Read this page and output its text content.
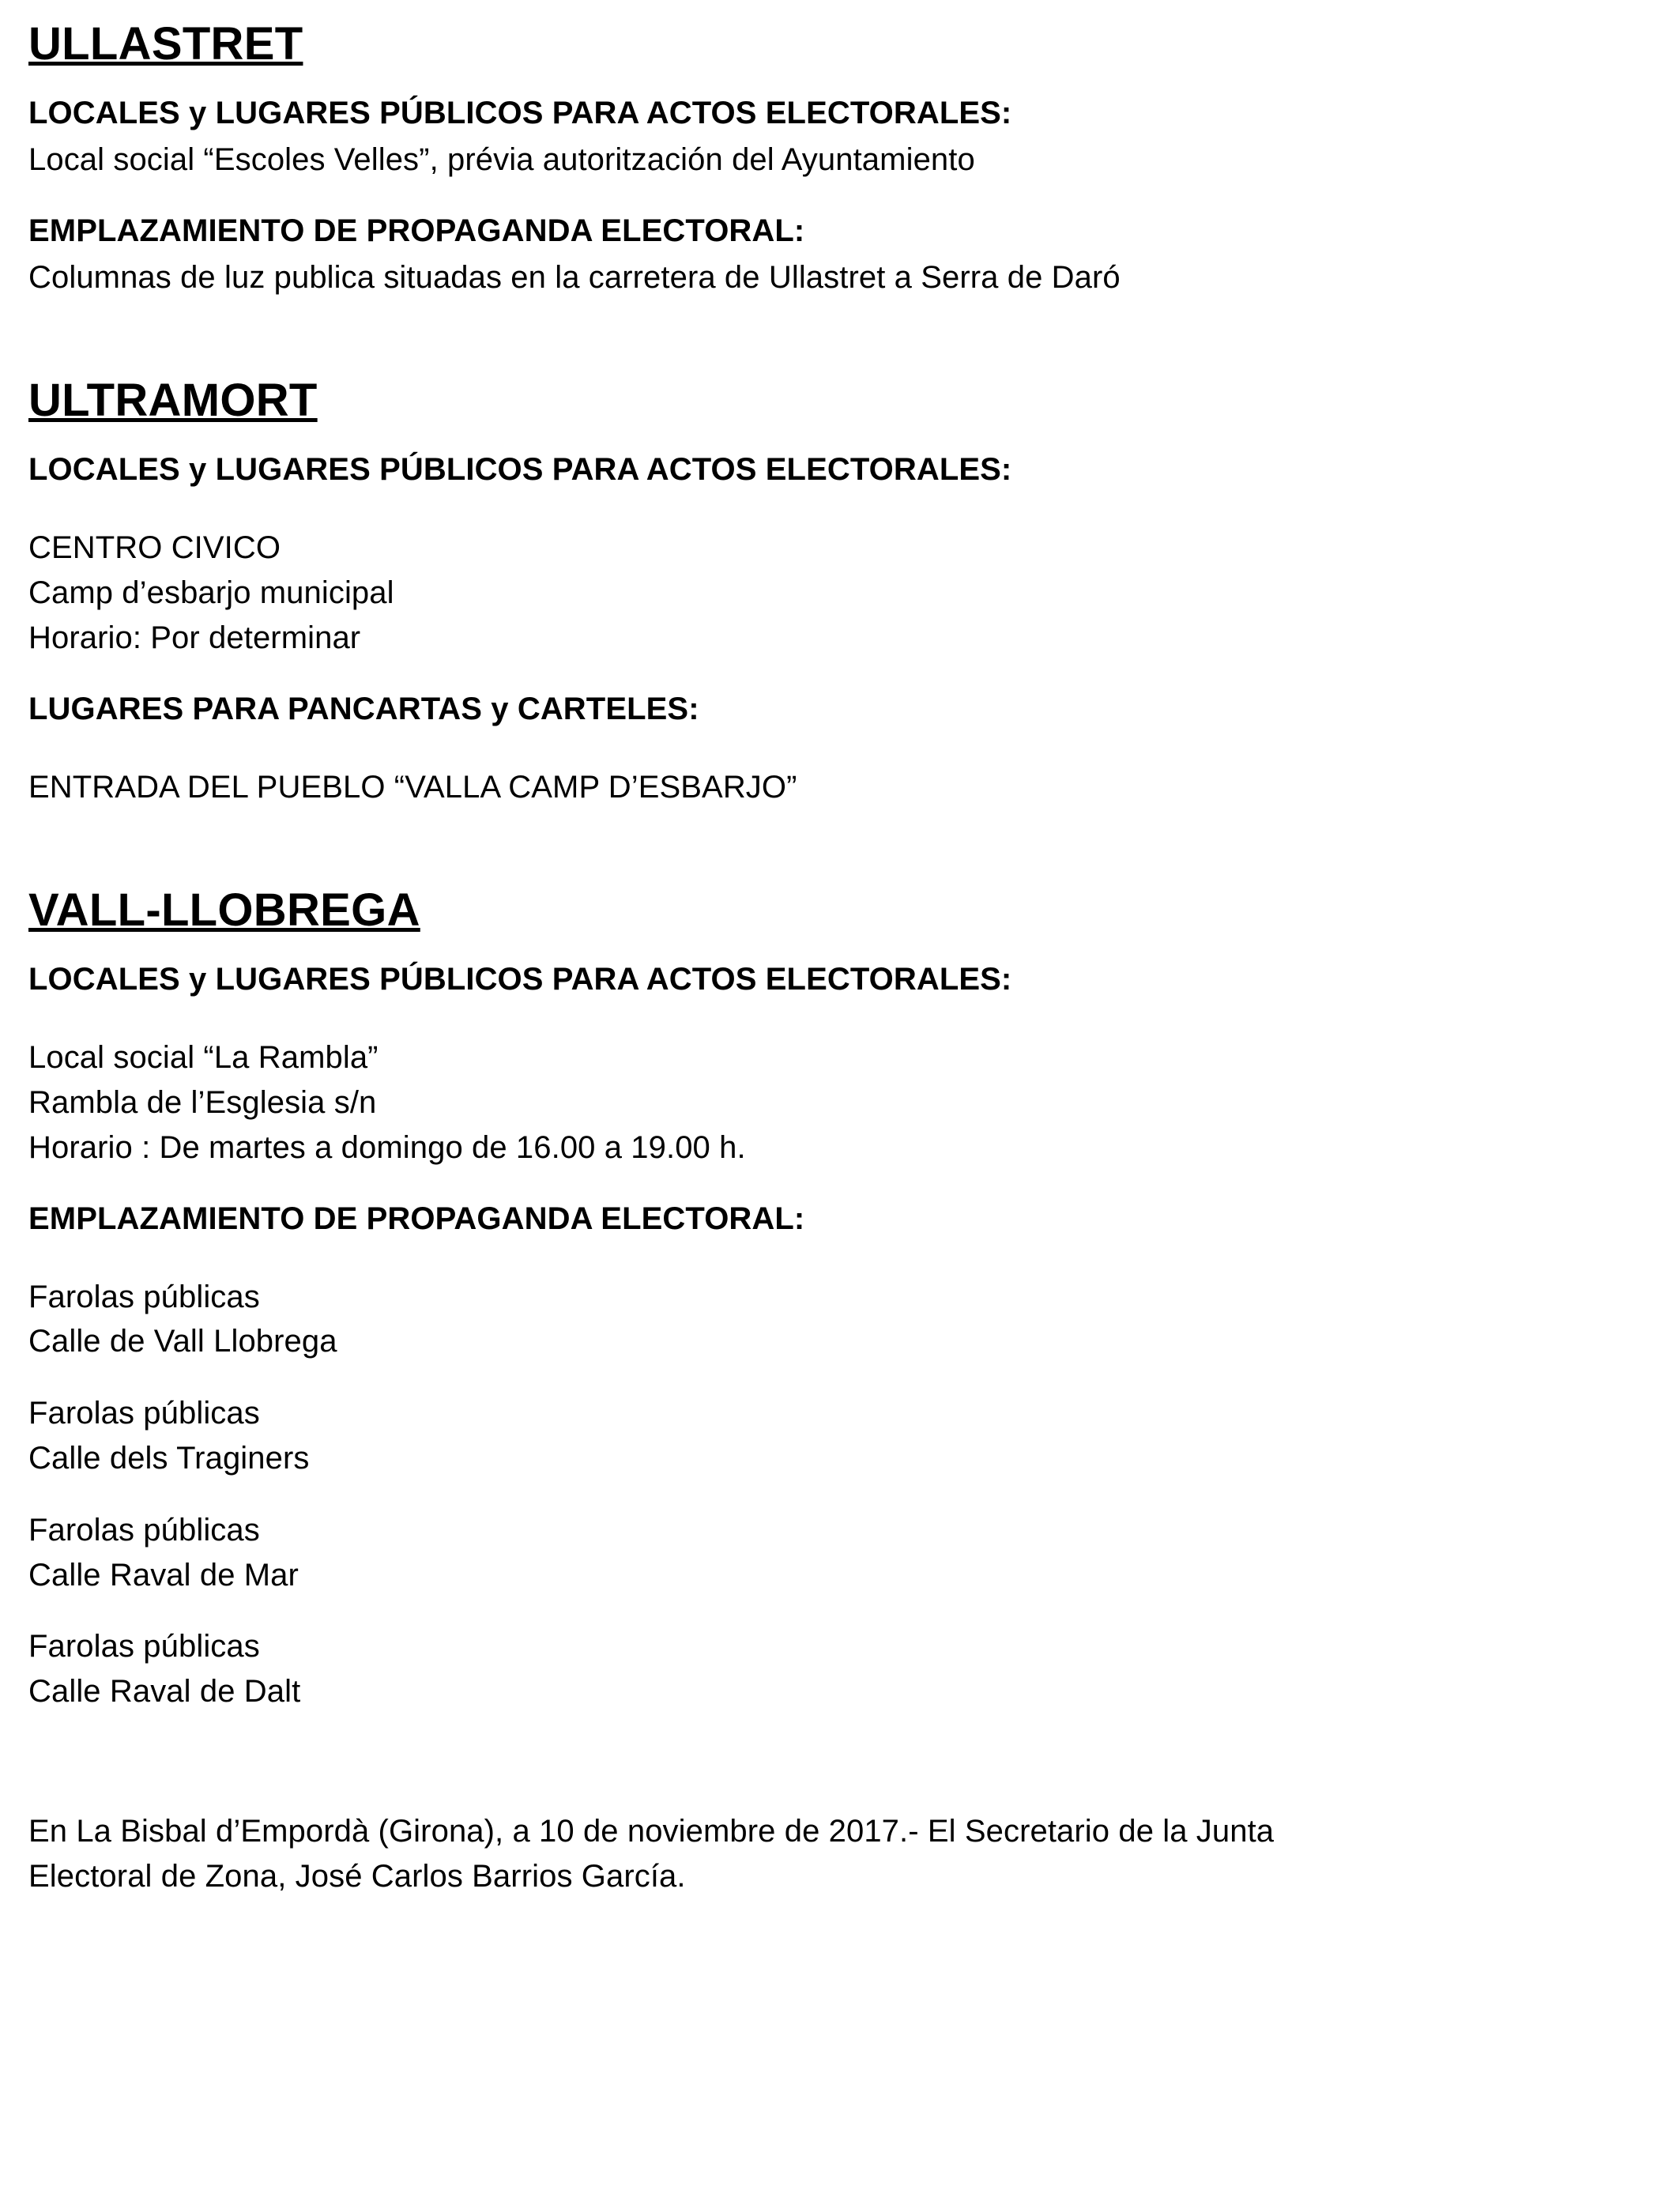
ULLASTRET

LOCALES y LUGARES PÚBLICOS PARA ACTOS ELECTORALES:

Local social “Escoles Velles”, prévia autoritzación del Ayuntamiento

EMPLAZAMIENTO DE PROPAGANDA ELECTORAL:

Columnas de luz publica situadas en la carretera de Ullastret a Serra de Daró

ULTRAMORT

LOCALES y LUGARES PÚBLICOS PARA ACTOS ELECTORALES:

CENTRO CIVICO

Camp d’esbarjo municipal

Horario: Por determinar

LUGARES PARA PANCARTAS y CARTELES:

ENTRADA DEL PUEBLO “VALLA CAMP D’ESBARJO”

VALL-LLOBREGA

LOCALES y LUGARES PÚBLICOS PARA ACTOS ELECTORALES:

Local social “La Rambla”

Rambla de l’Esglesia s/n

Horario : De martes a domingo de 16.00 a 19.00 h.

EMPLAZAMIENTO DE PROPAGANDA ELECTORAL:

Farolas públicas

Calle de Vall Llobrega

Farolas públicas

Calle dels Traginers

Farolas públicas

Calle Raval de Mar

Farolas públicas

Calle Raval de Dalt

En La Bisbal d’Empordà (Girona), a 10 de noviembre de 2017.- El Secretario de la Junta

Electoral de Zona, José Carlos Barrios García.
